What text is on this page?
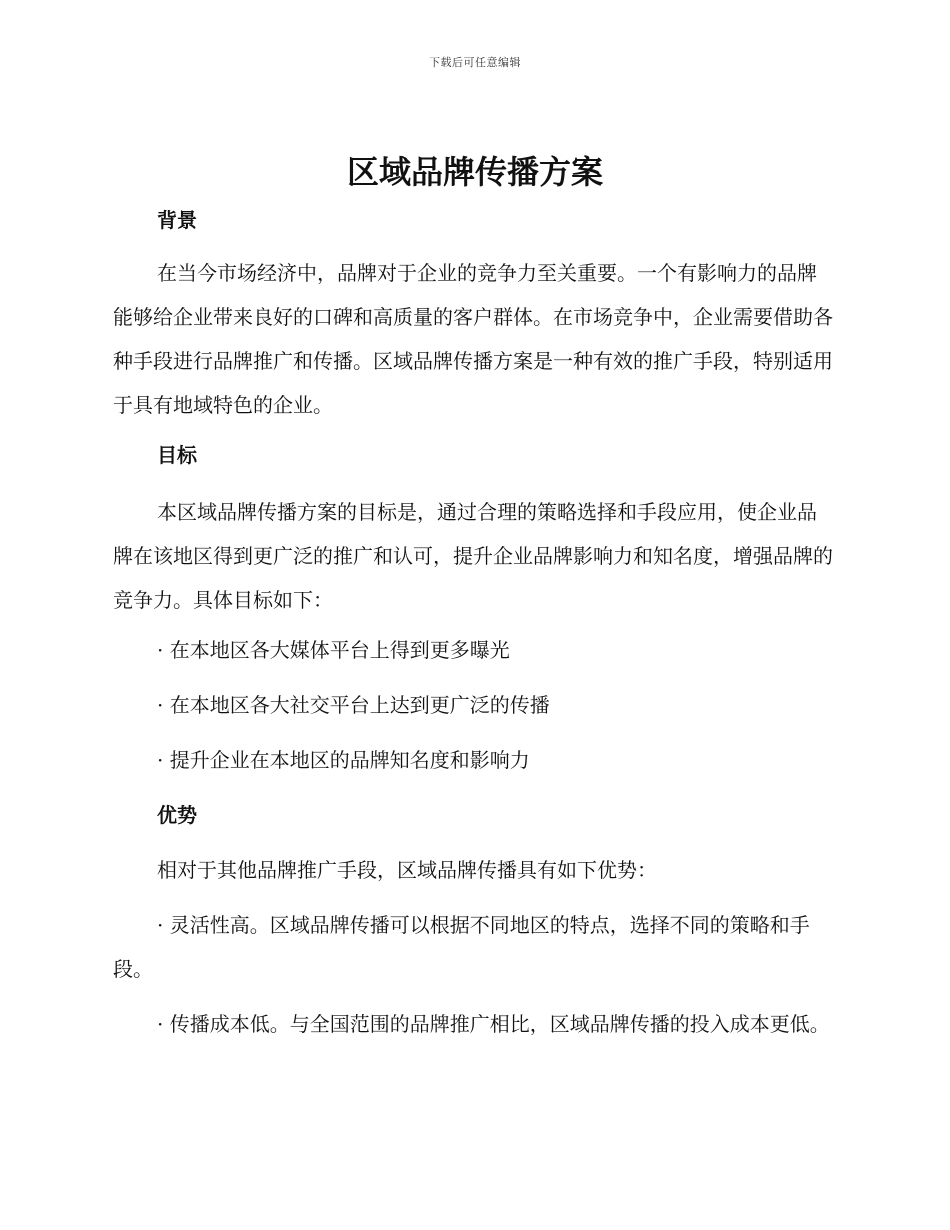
下载后可任意编辑
区域品牌传播方案
背景

在当今市场经济中，品牌对于企业的竞争力至关重要。一个有影响力的品牌能够给企业带来良好的口碑和高质量的客户群体。在市场竞争中，企业需要借助各种手段进行品牌推广和传播。区域品牌传播方案是一种有效的推广手段，特别适用于具有地域特色的企业。

目标

本区域品牌传播方案的目标是，通过合理的策略选择和手段应用，使企业品牌在该地区得到更广泛的推广和认可，提升企业品牌影响力和知名度，增强品牌的竞争力。具体目标如下：

· 在本地区各大媒体平台上得到更多曝光

· 在本地区各大社交平台上达到更广泛的传播

· 提升企业在本地区的品牌知名度和影响力

优势

相对于其他品牌推广手段，区域品牌传播具有如下优势：

· 灵活性高。区域品牌传播可以根据不同地区的特点，选择不同的策略和手段。

· 传播成本低。与全国范围的品牌推广相比，区域品牌传播的投入成本更低。
